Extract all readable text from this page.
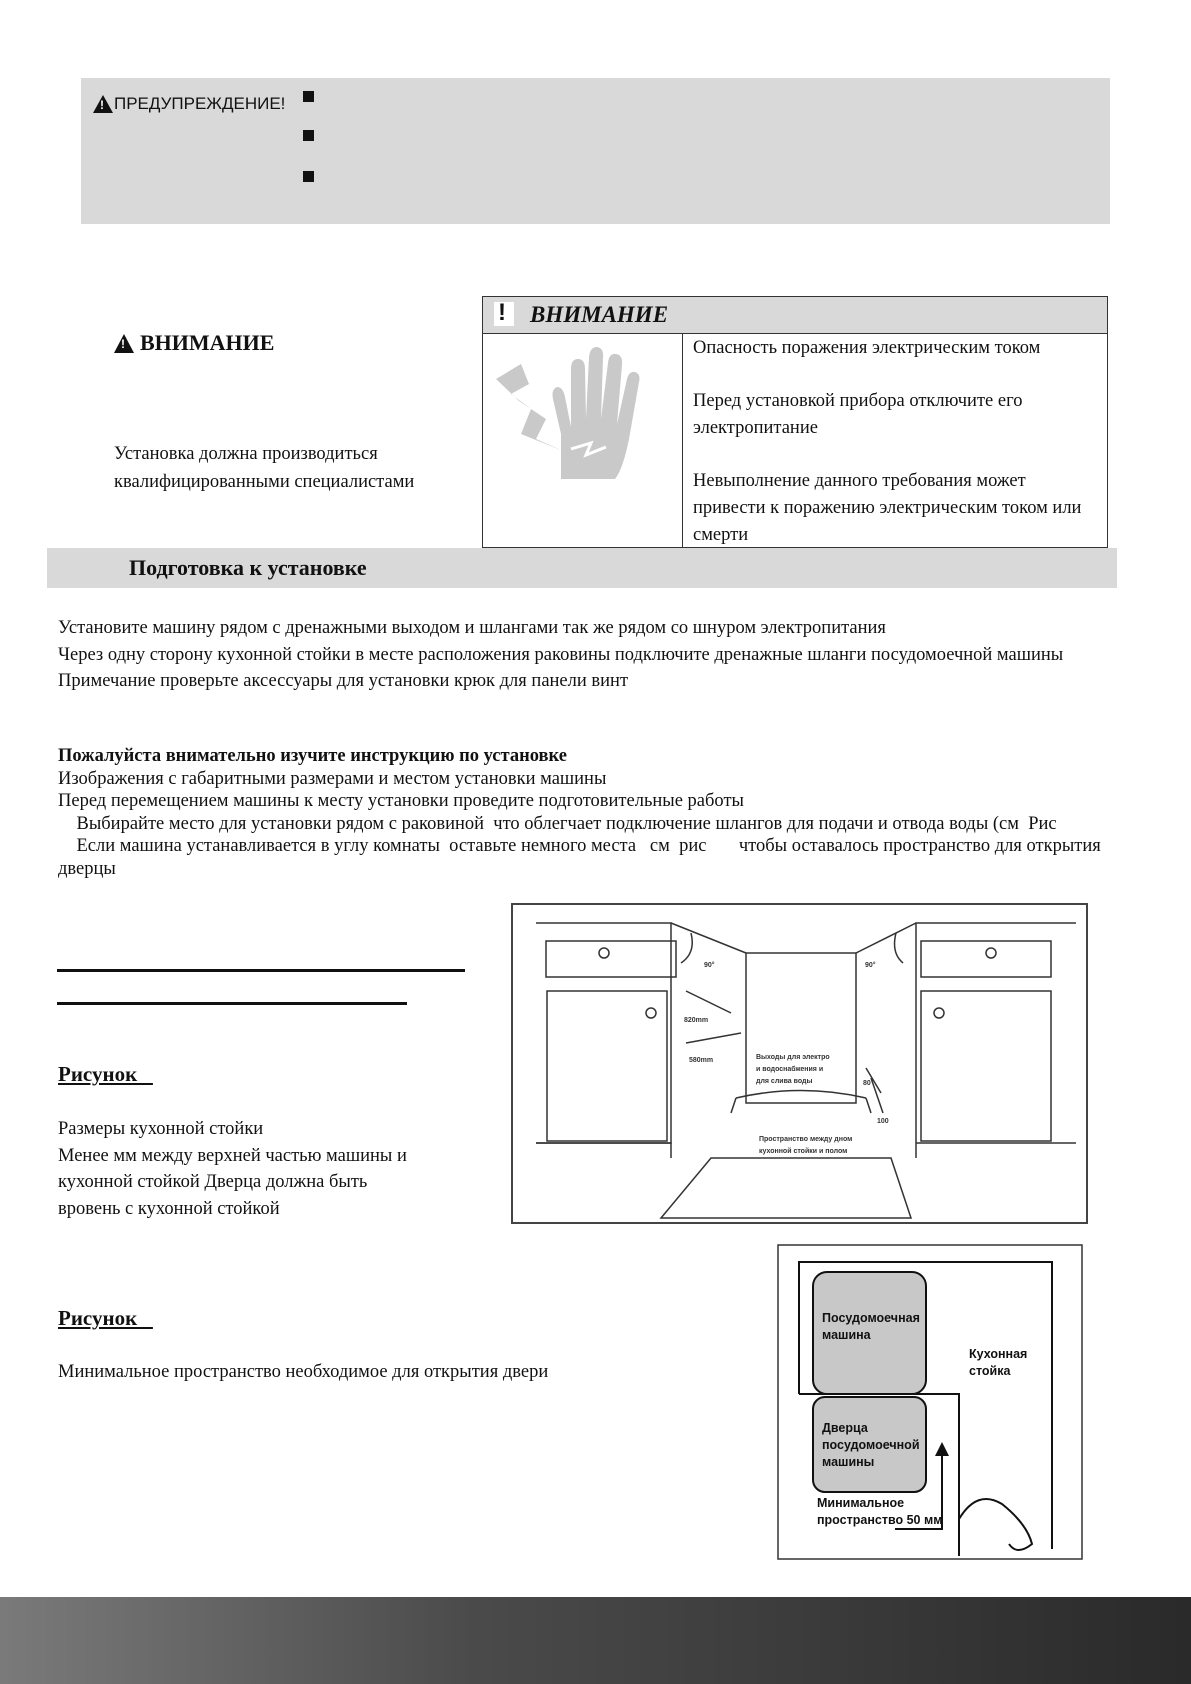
!
ПРЕДУПРЕЖДЕНИЕ!
!
ВНИМАНИЕ
Установка должна производиться
квалифицированными специалистами
!
ВНИМАНИЕ

Опасность поражения электрическим током

Перед установкой прибора отключите его электропитание

Невыполнение данного требования может привести к поражению электрическим током или смерти

Подготовка к установке

Установите машину рядом с дренажными выходом и шлангами так же рядом со шнуром электропитания

Через одну сторону кухонной стойки в месте расположения раковины подключите дренажные шланги посудомоечной машины

Примечание проверьте аксессуары для установки крюк для панели винт

Пожалуйста внимательно изучите инструкцию по установке

Изображения с габаритными размерами и местом установки машины

Перед перемещением машины к месту установки проведите подготовительные работы

Выбирайте место для установки рядом с раковиной  что облегчает подключение шлангов для подачи и отвода воды (см  Рис

Если машина устанавливается в углу комнаты  оставьте немного места   см  рис       чтобы оставалось пространство для открытия дверцы

Рисунок

Размеры кухонной стойки

Менее мм между верхней частью машины и

кухонной стойкой Дверца должна быть

вровень с кухонной стойкой

90°	90°
820mm
580mm	Выходы для электро
и водоснабжения и
для слива воды
Пространство между дном
кухонной стойки и полом
80
100
Рисунок
Минимальное пространство необходимое для открытия двери
Посудомоечная
машина
Кухонная
стойка
Дверца
посудомоечной
машины
Минимальное
пространство 50 мм
